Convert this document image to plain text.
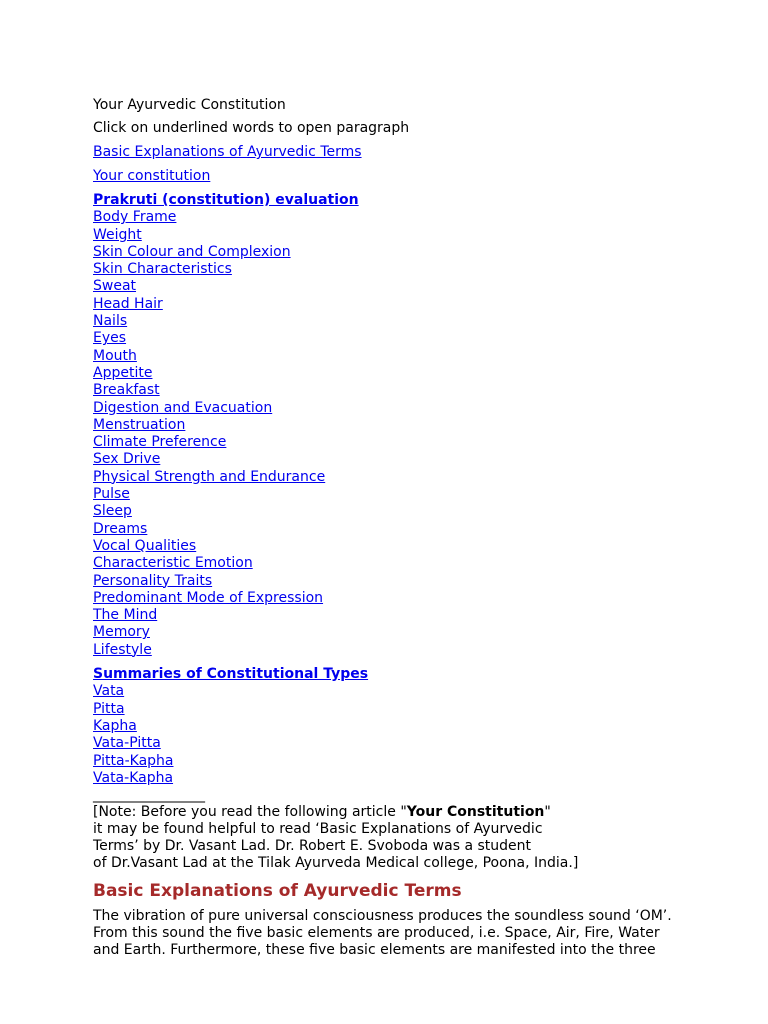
Your Ayurvedic Constitution

Click on underlined words to open paragraph

Basic Explanations of Ayurvedic Terms

Your constitution

Prakruti (constitution) evaluation
Body Frame
Weight
Skin Colour and Complexion
Skin Characteristics
Sweat
Head Hair
Nails
Eyes
Mouth
Appetite
Breakfast
Digestion and Evacuation
Menstruation
Climate Preference
Sex Drive
Physical Strength and Endurance
Pulse
Sleep
Dreams
Vocal Qualities
Characteristic Emotion
Personality Traits
Predominant Mode of Expression
The Mind
Memory
Lifestyle
Summaries of Constitutional Types
Vata
Pitta
Kapha
Vata-Pitta
Pitta-Kapha
Vata-Kapha

________________

[Note: Before you read the following article "Your Constitution"
it may be found helpful to read ‘Basic Explanations of Ayurvedic
Terms’ by Dr. Vasant Lad. Dr. Robert E. Svoboda was a student
of Dr.Vasant Lad at the Tilak Ayurveda Medical college, Poona, India.]
Basic Explanations of Ayurvedic Terms
The vibration of pure universal consciousness produces the soundless sound ‘OM’.
From this sound the five basic elements are produced, i.e. Space, Air, Fire, Water
and Earth. Furthermore, these five basic elements are manifested into the three
